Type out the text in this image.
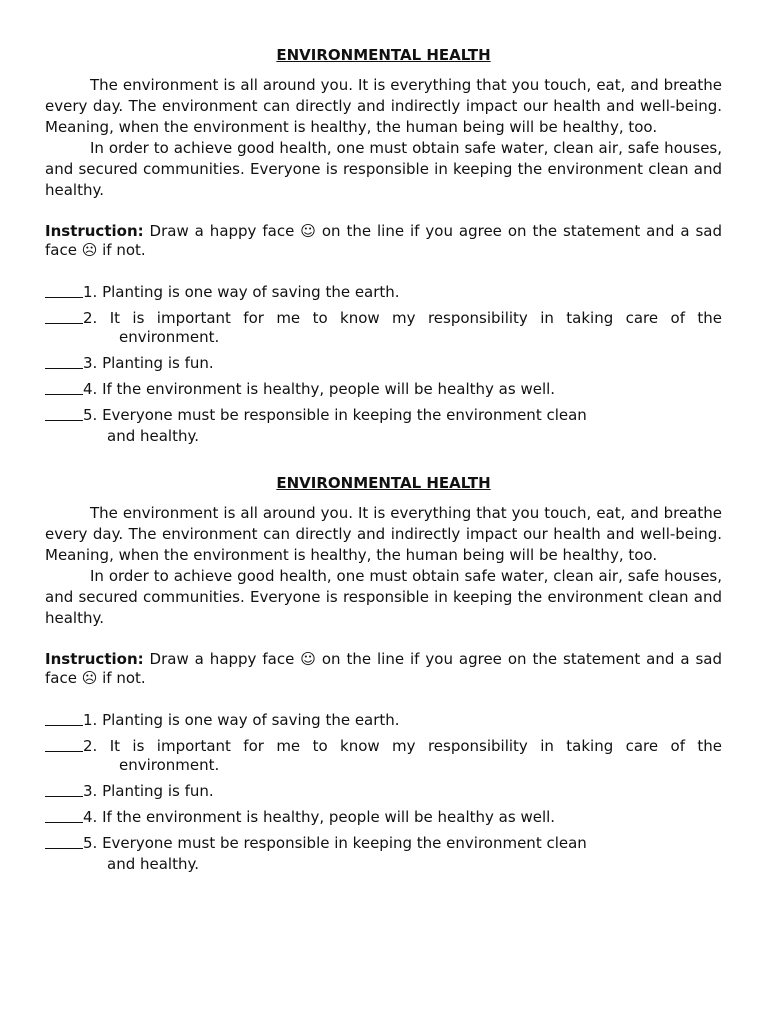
ENVIRONMENTAL HEALTH

The environment is all around you. It is everything that you touch, eat, and breathe every day. The environment can directly and indirectly impact our health and well-being. Meaning, when the environment is healthy, the human being will be healthy, too.

In order to achieve good health, one must obtain safe water, clean air, safe houses, and secured communities. Everyone is responsible in keeping the environment clean and healthy.

Instruction: Draw a happy face ☺ on the line if you agree on the statement and a sad face ☹ if not.

1. Planting is one way of saving the earth.
2. It is important for me to know my responsibility in taking care of the
environment.
3. Planting is fun.
4. If the environment is healthy, people will be healthy as well.
5. Everyone must be responsible in keeping the environment clean
and healthy.
ENVIRONMENTAL HEALTH

The environment is all around you. It is everything that you touch, eat, and breathe every day. The environment can directly and indirectly impact our health and well-being. Meaning, when the environment is healthy, the human being will be healthy, too.

In order to achieve good health, one must obtain safe water, clean air, safe houses, and secured communities. Everyone is responsible in keeping the environment clean and healthy.

Instruction: Draw a happy face ☺ on the line if you agree on the statement and a sad face ☹ if not.

1. Planting is one way of saving the earth.
2. It is important for me to know my responsibility in taking care of the
environment.
3. Planting is fun.
4. If the environment is healthy, people will be healthy as well.
5. Everyone must be responsible in keeping the environment clean
and healthy.
